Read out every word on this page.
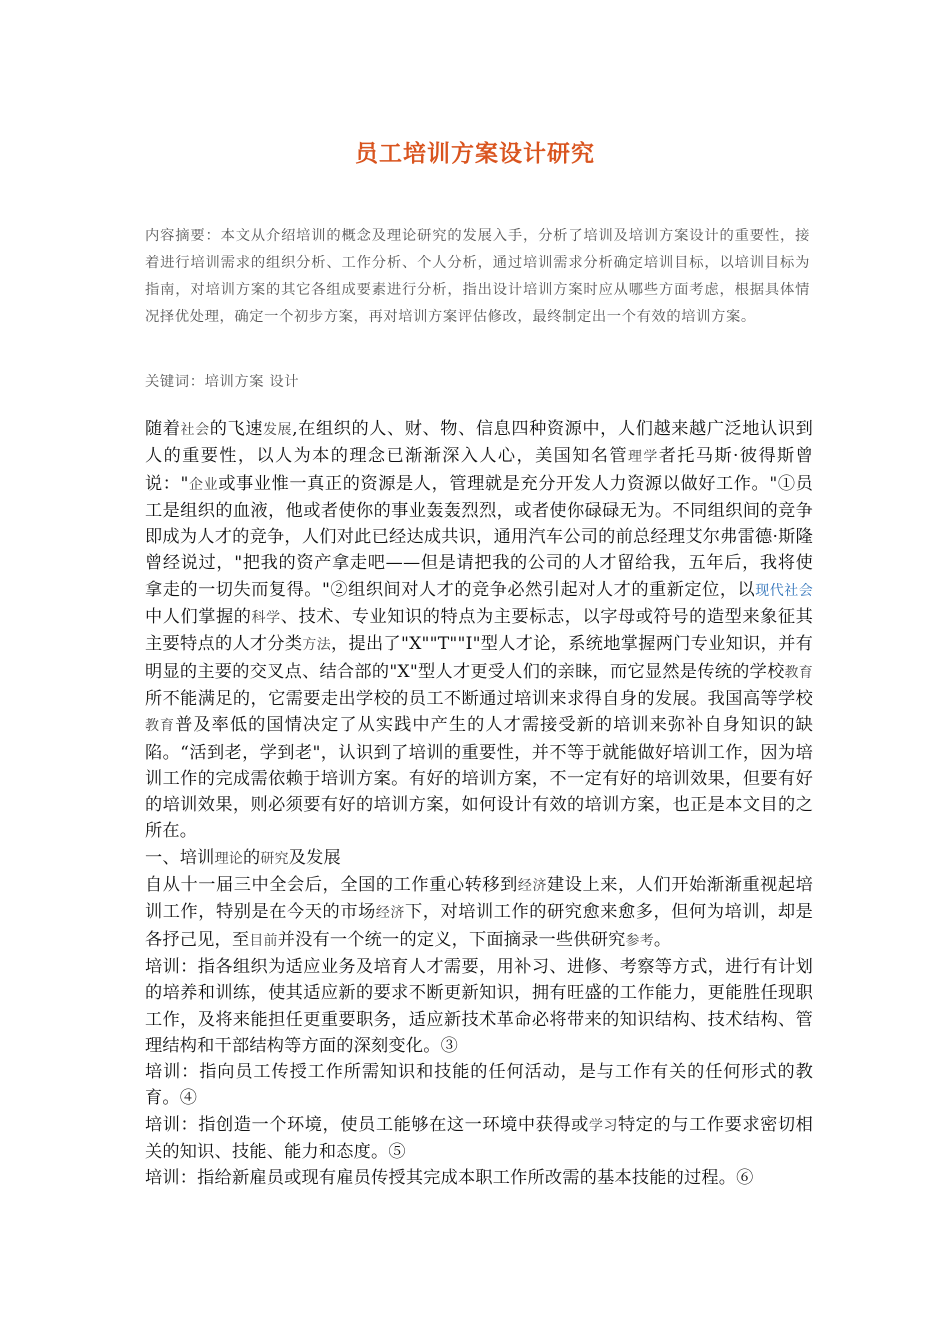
员工培训方案设计研究

内容摘要：本文从介绍培训的概念及理论研究的发展入手，分析了培训及培训方案设计的重要性，接着进行培训需求的组织分析、工作分析、个人分析，通过培训需求分析确定培训目标，以培训目标为指南，对培训方案的其它各组成要素进行分析，指出设计培训方案时应从哪些方面考虑，根据具体情况择优处理，确定一个初步方案，再对培训方案评估修改，最终制定出一个有效的培训方案。

关键词：培训方案 设计

随着社会的飞速发展,在组织的人、财、物、信息四种资源中，人们越来越广泛地认识到人的重要性，以人为本的理念已渐渐深入人心，美国知名管理学者托马斯·彼得斯曾说："企业或事业惟一真正的资源是人，管理就是充分开发人力资源以做好工作。"①员工是组织的血液，他或者使你的事业轰轰烈烈，或者使你碌碌无为。不同组织间的竞争即成为人才的竞争，人们对此已经达成共识，通用汽车公司的前总经理艾尔弗雷德·斯隆曾经说过，"把我的资产拿走吧——但是请把我的公司的人才留给我，五年后，我将使拿走的一切失而复得。"②组织间对人才的竞争必然引起对人才的重新定位，以现代社会中人们掌握的科学、技术、专业知识的特点为主要标志，以字母或符号的造型来象征其主要特点的人才分类方法，提出了"X""T""I"型人才论，系统地掌握两门专业知识，并有明显的主要的交叉点、结合部的"X"型人才更受人们的亲睐，而它显然是传统的学校教育所不能满足的，它需要走出学校的员工不断通过培训来求得自身的发展。我国高等学校教育普及率低的国情决定了从实践中产生的人才需接受新的培训来弥补自身知识的缺陷。“活到老，学到老"，认识到了培训的重要性，并不等于就能做好培训工作，因为培训工作的完成需依赖于培训方案。有好的培训方案，不一定有好的培训效果，但要有好的培训效果，则必须要有好的培训方案，如何设计有效的培训方案，也正是本文目的之所在。

一、培训理论的研究及发展

自从十一届三中全会后，全国的工作重心转移到经济建设上来，人们开始渐渐重视起培训工作，特别是在今天的市场经济下，对培训工作的研究愈来愈多，但何为培训，却是各抒己见，至目前并没有一个统一的定义，下面摘录一些供研究参考。

培训：指各组织为适应业务及培育人才需要，用补习、进修、考察等方式，进行有计划的培养和训练，使其适应新的要求不断更新知识，拥有旺盛的工作能力，更能胜任现职工作，及将来能担任更重要职务，适应新技术革命必将带来的知识结构、技术结构、管理结构和干部结构等方面的深刻变化。③

培训：指向员工传授工作所需知识和技能的任何活动，是与工作有关的任何形式的教育。④

培训：指创造一个环境，使员工能够在这一环境中获得或学习特定的与工作要求密切相关的知识、技能、能力和态度。⑤

培训：指给新雇员或现有雇员传授其完成本职工作所改需的基本技能的过程。⑥
